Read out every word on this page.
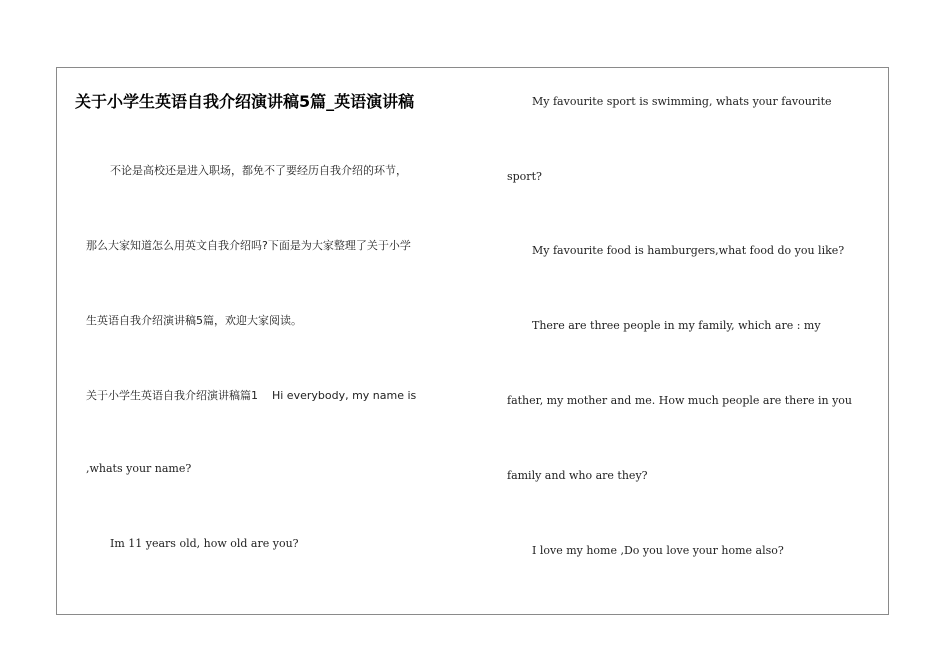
关于小学生英语自我介绍演讲稿5篇_英语演讲稿
不论是高校还是进入职场，都免不了要经历自我介绍的环节，
那么大家知道怎么用英文自我介绍吗?下面是为大家整理了关于小学
生英语自我介绍演讲稿5篇，欢迎大家阅读。
关于小学生英语自我介绍演讲稿篇1    Hi everybody, my name is
,whats your name?
Im 11 years old, how old are you?
My favourite sport is swimming, whats your favourite
sport?
My favourite food is hamburgers,what food do you like?
There are three people in my family, which are : my
father, my mother and me. How much people are there in you
family and who are they?
I love my home ,Do you love your home also?
